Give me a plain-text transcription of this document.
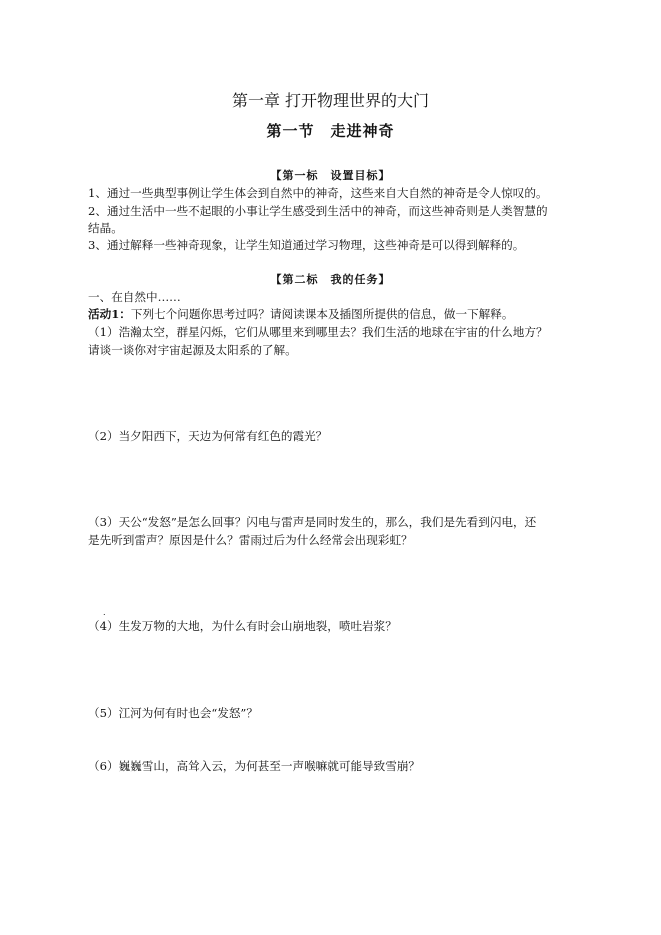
第一章 打开物理世界的大门
第一节　走进神奇
【第一标　设置目标】
1、通过一些典型事例让学生体会到自然中的神奇，这些来自大自然的神奇是令人惊叹的。
2、通过生活中一些不起眼的小事让学生感受到生活中的神奇，而这些神奇则是人类智慧的
结晶。
3、通过解释一些神奇现象，让学生知道通过学习物理，这些神奇是可以得到解释的。
【第二标　我的任务】
一、在自然中……
活动1：下列七个问题你思考过吗？请阅读课本及插图所提供的信息，做一下解释。
（1）浩瀚太空，群星闪烁，它们从哪里来到哪里去？我们生活的地球在宇宙的什么地方？
请谈一谈你对宇宙起源及太阳系的了解。
（2）当夕阳西下，天边为何常有红色的霞光？
（3）天公“发怒”是怎么回事？闪电与雷声是同时发生的，那么，我们是先看到闪电，还
是先听到雷声？原因是什么？雷雨过后为什么经常会出现彩虹？
.
（4）生发万物的大地，为什么有时会山崩地裂，喷吐岩浆？
（5）江河为何有时也会“发怒”？
（6）巍巍雪山，高耸入云，为何甚至一声喉嘛就可能导致雪崩？
